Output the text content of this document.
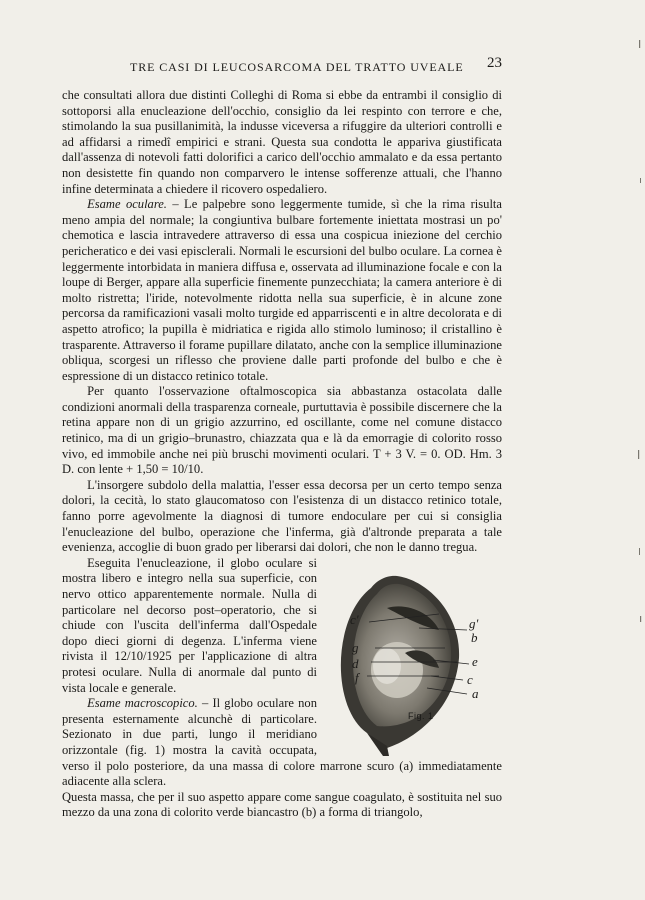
TRE CASI DI LEUCOSARCOMA DEL TRATTO UVEALE 23

che consultati allora due distinti Colleghi di Roma si ebbe da entrambi il consiglio di sottoporsi alla enucleazione dell'occhio, consiglio da lei respinto con terrore e che, stimolando la sua pusillanimità, la indusse viceversa a rifuggire da ulteriori controlli e ad affidarsi a rimedî empirici e strani. Questa sua condotta le appariva giustificata dall'assenza di notevoli fatti dolorifici a carico dell'occhio ammalato e da essa pertanto non desistette fin quando non comparvero le intense sofferenze attuali, che l'hanno infine determinata a chiedere il ricovero ospedaliero.

Esame oculare. – Le palpebre sono leggermente tumide, sì che la rima risulta meno ampia del normale; la congiuntiva bulbare fortemente iniettata mostrasi un po' chemotica e lascia intravedere attraverso di essa una cospicua iniezione del cerchio pericheratico e dei vasi episclerali. Normali le escursioni del bulbo oculare. La cornea è leggermente intorbidata in maniera diffusa e, osservata ad illuminazione focale e con la loupe di Berger, appare alla superficie finemente punzecchiata; la camera anteriore è di molto ristretta; l'iride, notevolmente ridotta nella sua superficie, è in alcune zone percorsa da ramificazioni vasali molto turgide ed apparriscenti e in altre decolorata e di aspetto atrofico; la pupilla è midriatica e rigida allo stimolo luminoso; il cristallino è trasparente. Attraverso il forame pupillare dilatato, anche con la semplice illuminazione obliqua, scorgesi un riflesso che proviene dalle parti profonde del bulbo e che è espressione di un distacco retinico totale.

Per quanto l'osservazione oftalmoscopica sia abbastanza ostacolata dalle condizioni anormali della trasparenza corneale, purtuttavia è possibile discernere che la retina appare non di un grigio azzurrino, ed oscillante, come nel comune distacco retinico, ma di un grigio–brunastro, chiazzata qua e là da emorragie di colorito rosso vivo, ed immobile anche nei più bruschi movimenti oculari. T + 3 V. = 0. OD. Hm. 3 D. con lente + 1,50 = 10/10.

L'insorgere subdolo della malattia, l'esser essa decorsa per un certo tempo senza dolori, la cecità, lo stato glaucomatoso con l'esistenza di un distacco retinico totale, fanno porre agevolmente la diagnosi di tumore endoculare per cui si consiglia l'enucleazione del bulbo, operazione che l'inferma, già d'altronde preparata a tale evenienza, accoglie di buon grado per liberarsi dai dolori, che non le danno tregua.

c'	g'
b
g
e
d
c
f
a
Eseguita l'enucleazione, il globo oculare si mostra libero e integro nella sua superficie, con nervo ottico apparentemente normale. Nulla di particolare nel decorso post–operatorio, che si chiude con l'uscita dell'inferma dall'Ospedale dopo dieci giorni di degenza. L'inferma viene rivista il 12/10/1925 per l'applicazione di altra protesi oculare. Nulla di anormale dal punto di vista locale e generale.

Esame macroscopico. – Il globo oculare non presenta esternamente alcunchè di particolare. Sezionato in due parti, lungo il meridiano orizzontale (fig. 1) mostra la cavità occupata, verso il polo posteriore, da una massa di colore marrone scuro (a) immediatamente adiacente alla sclera.

Questa massa, che per il suo aspetto appare come sangue coagulato, è sostituita nel suo mezzo da una zona di colorito verde biancastro (b) a forma di triangolo,

Fig. 1
